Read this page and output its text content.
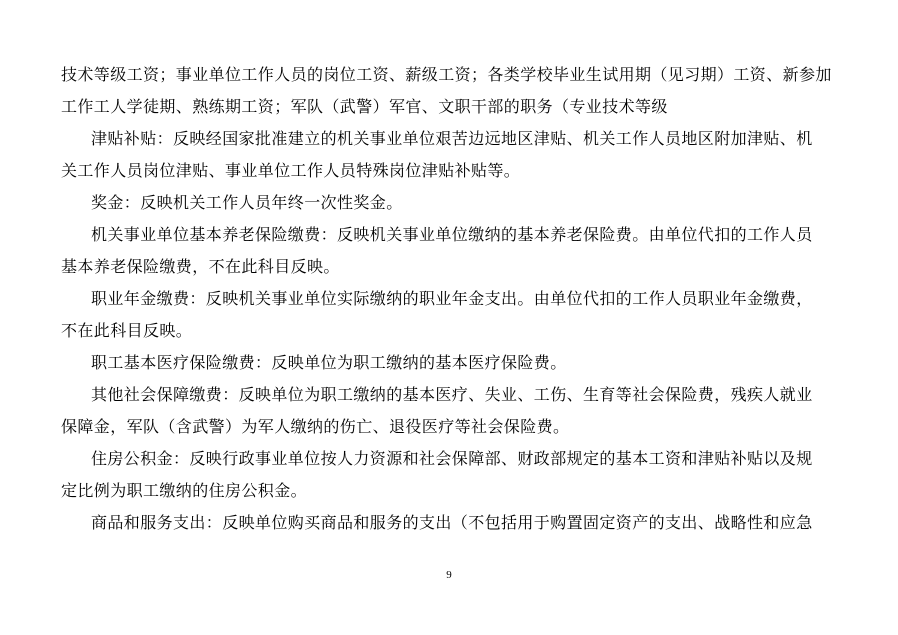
技术等级工资；事业单位工作人员的岗位工资、薪级工资；各类学校毕业生试用期（见习期）工资、新参加
工作工人学徒期、熟练期工资；军队（武警）军官、文职干部的职务（专业技术等级
津贴补贴：反映经国家批准建立的机关事业单位艰苦边远地区津贴、机关工作人员地区附加津贴、机
关工作人员岗位津贴、事业单位工作人员特殊岗位津贴补贴等。
奖金：反映机关工作人员年终一次性奖金。
机关事业单位基本养老保险缴费：反映机关事业单位缴纳的基本养老保险费。由单位代扣的工作人员
基本养老保险缴费，不在此科目反映。
职业年金缴费：反映机关事业单位实际缴纳的职业年金支出。由单位代扣的工作人员职业年金缴费，
不在此科目反映。
职工基本医疗保险缴费：反映单位为职工缴纳的基本医疗保险费。
其他社会保障缴费：反映单位为职工缴纳的基本医疗、失业、工伤、生育等社会保险费，残疾人就业
保障金，军队（含武警）为军人缴纳的伤亡、退役医疗等社会保险费。
住房公积金：反映行政事业单位按人力资源和社会保障部、财政部规定的基本工资和津贴补贴以及规
定比例为职工缴纳的住房公积金。
商品和服务支出：反映单位购买商品和服务的支出（不包括用于购置固定资产的支出、战略性和应急
9
